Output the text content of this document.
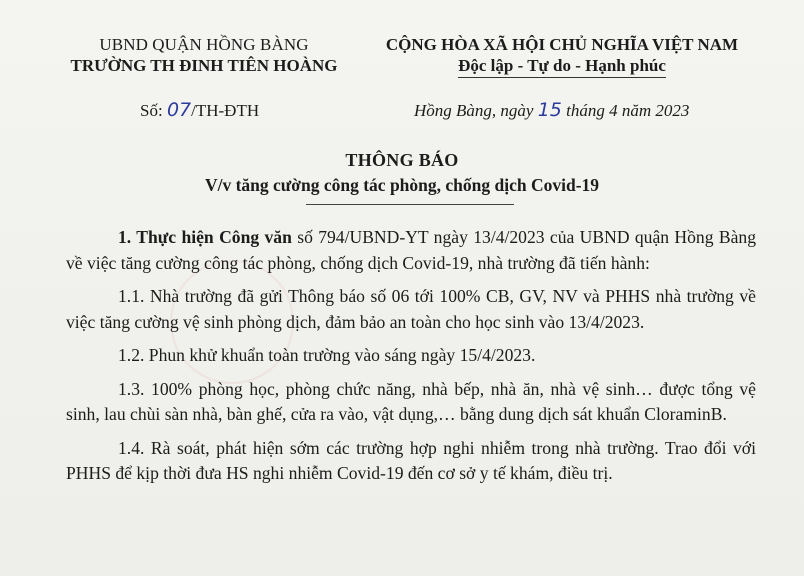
UBND QUẬN HỒNG BÀNG
TRƯỜNG TH ĐINH TIÊN HOÀNG
CỘNG HÒA XÃ HỘI CHỦ NGHĨA VIỆT NAM
Độc lập - Tự do - Hạnh phúc
Số: 07/TH-ĐTH	Hồng Bàng, ngày 15 tháng 4 năm 2023
THÔNG BÁO
V/v tăng cường công tác phòng, chống dịch Covid-19

1. Thực hiện Công văn số 794/UBND-YT ngày 13/4/2023 của UBND quận Hồng Bàng về việc tăng cường công tác phòng, chống dịch Covid-19, nhà trường đã tiến hành:

1.1. Nhà trường đã gửi Thông báo số 06 tới 100% CB, GV, NV và PHHS nhà trường về việc tăng cường vệ sinh phòng dịch, đảm bảo an toàn cho học sinh vào 13/4/2023.

1.2. Phun khử khuẩn toàn trường vào sáng ngày 15/4/2023.

1.3. 100% phòng học, phòng chức năng, nhà bếp, nhà ăn, nhà vệ sinh… được tổng vệ sinh, lau chùi sàn nhà, bàn ghế, cửa ra vào, vật dụng,… bằng dung dịch sát khuẩn CloraminB.

1.4. Rà soát, phát hiện sớm các trường hợp nghi nhiễm trong nhà trường. Trao đổi với PHHS để kịp thời đưa HS nghi nhiễm Covid-19 đến cơ sở y tế khám, điều trị.
